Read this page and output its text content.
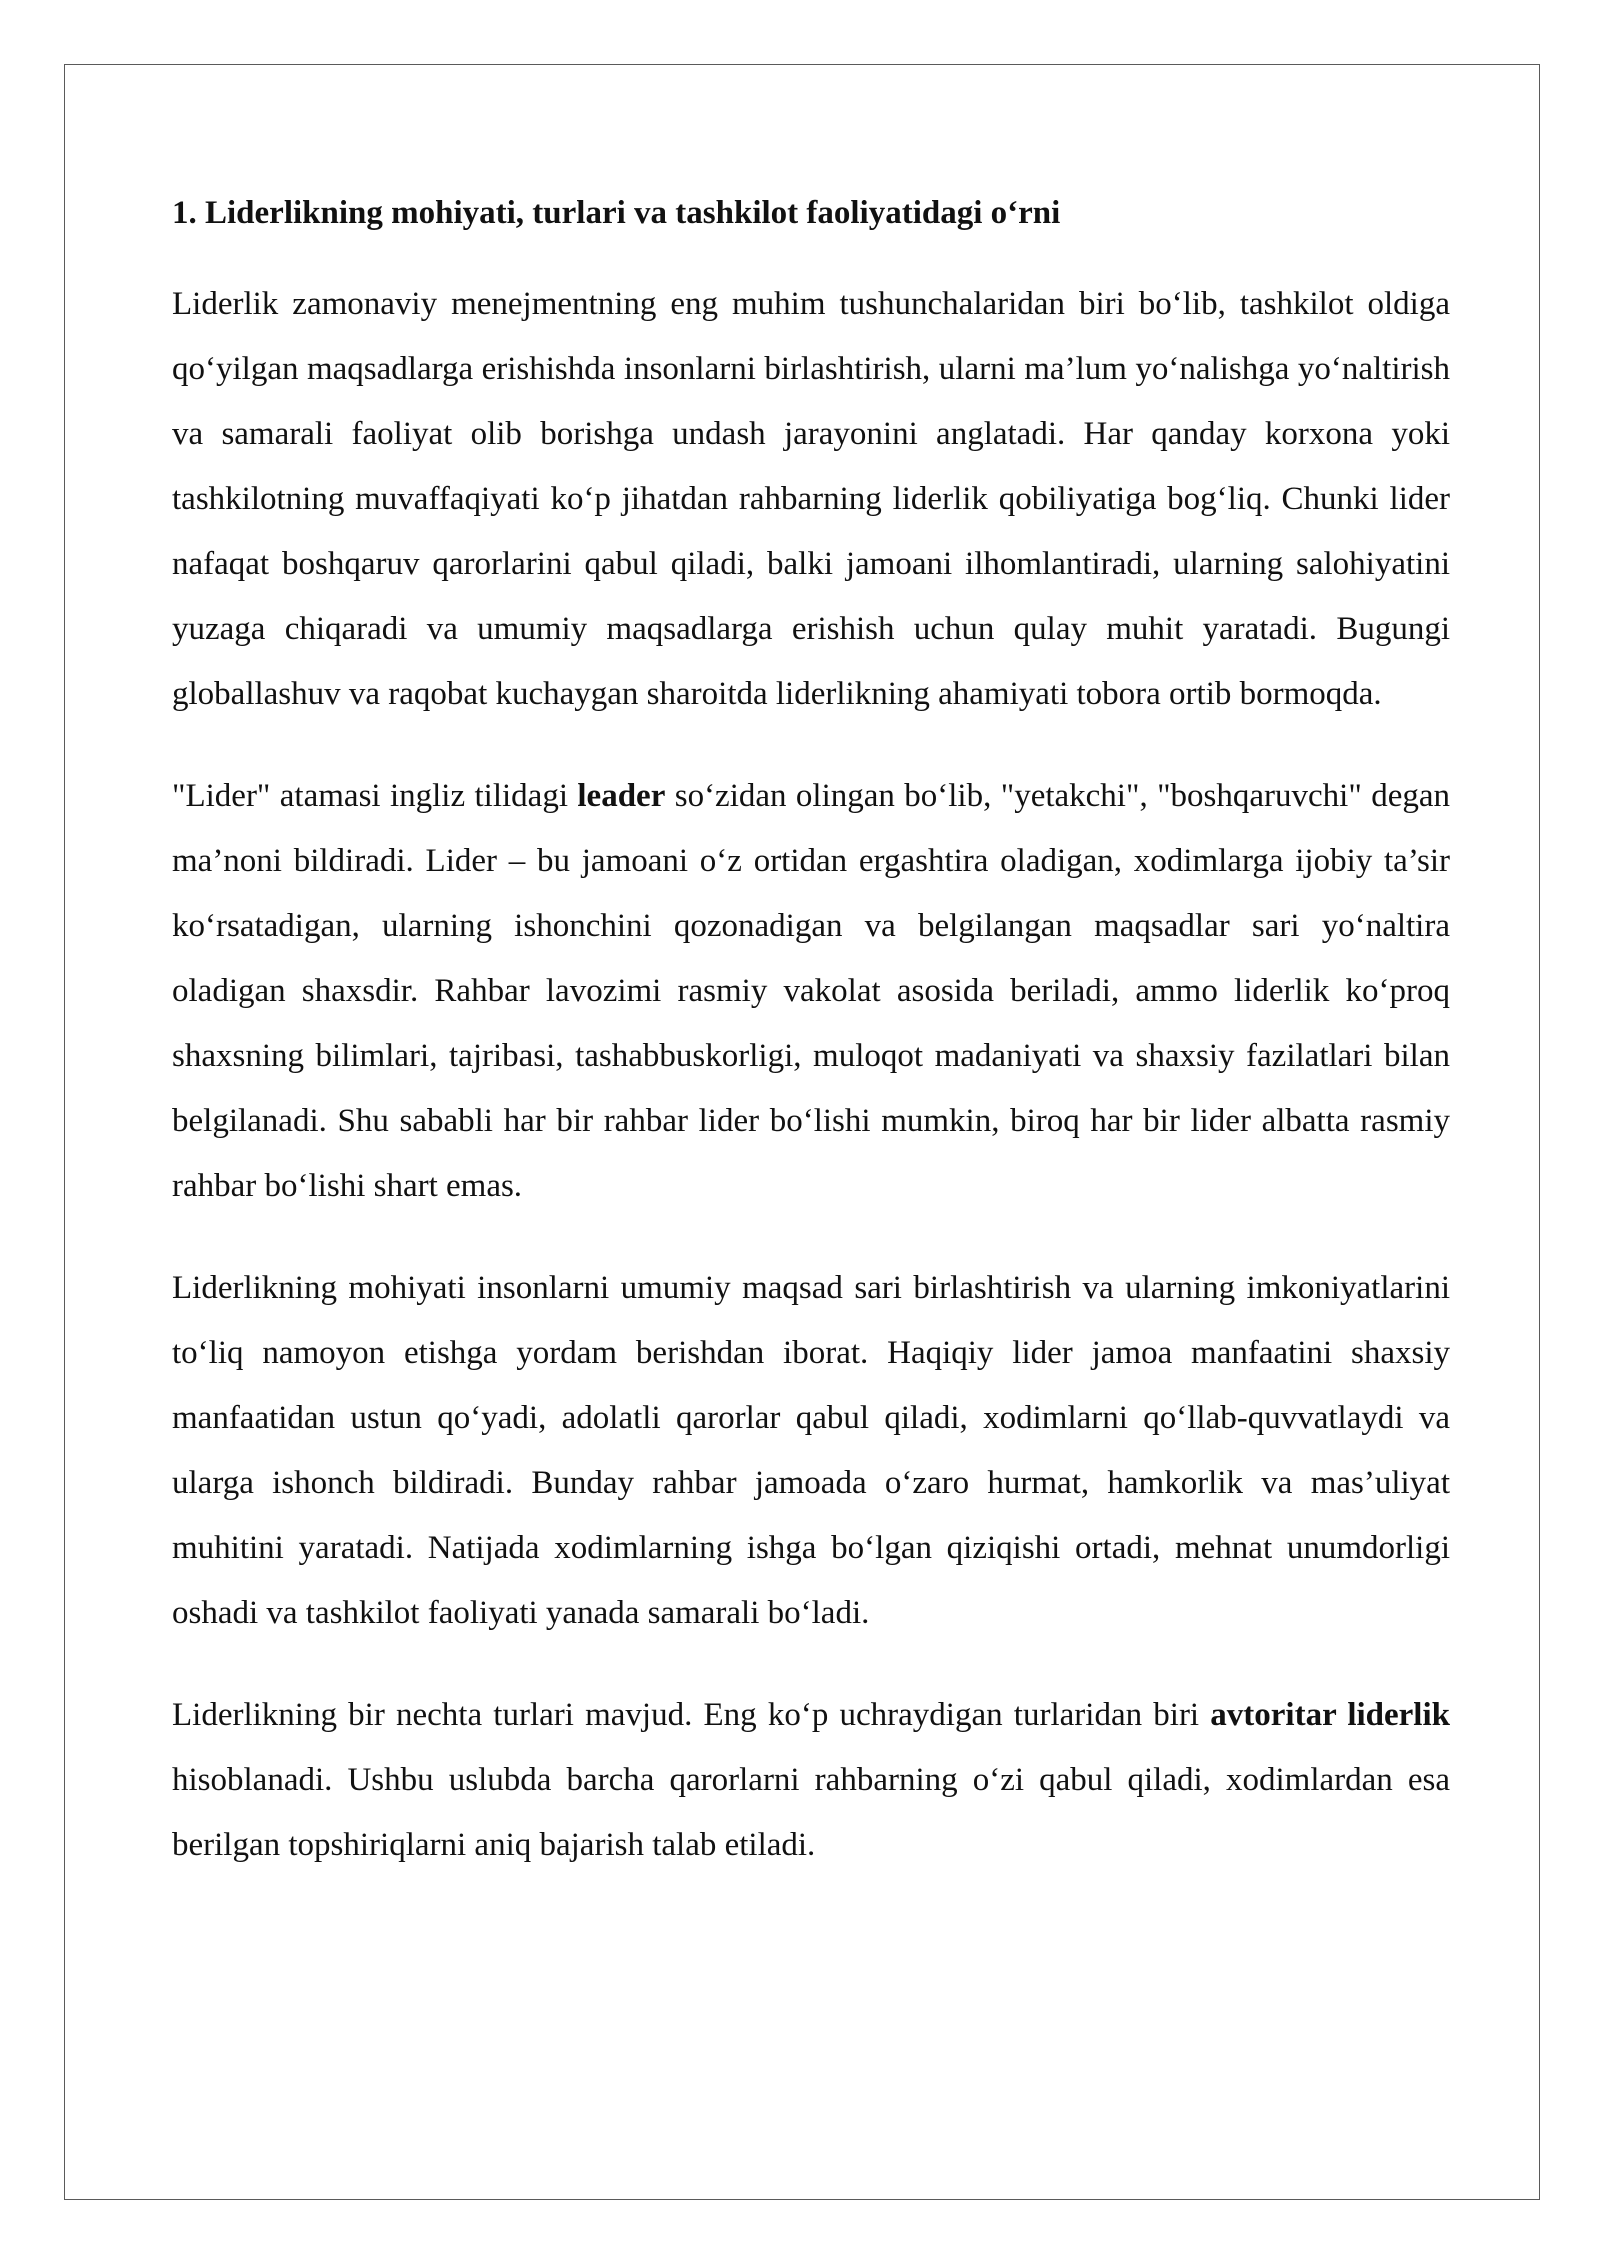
1. Liderlikning mohiyati, turlari va tashkilot faoliyatidagi o‘rni

Liderlik zamonaviy menejmentning eng muhim tushunchalaridan biri bo‘lib, tashkilot oldiga qo‘yilgan maqsadlarga erishishda insonlarni birlashtirish, ularni ma’lum yo‘nalishga yo‘naltirish va samarali faoliyat olib borishga undash jarayonini anglatadi. Har qanday korxona yoki tashkilotning muvaffaqiyati ko‘p jihatdan rahbarning liderlik qobiliyatiga bog‘liq. Chunki lider nafaqat boshqaruv qarorlarini qabul qiladi, balki jamoani ilhomlantiradi, ularning salohiyatini yuzaga chiqaradi va umumiy maqsadlarga erishish uchun qulay muhit yaratadi. Bugungi globallashuv va raqobat kuchaygan sharoitda liderlikning ahamiyati tobora ortib bormoqda.

"Lider" atamasi ingliz tilidagi leader so‘zidan olingan bo‘lib, "yetakchi", "boshqaruvchi" degan ma’noni bildiradi. Lider – bu jamoani o‘z ortidan ergashtira oladigan, xodimlarga ijobiy ta’sir ko‘rsatadigan, ularning ishonchini qozonadigan va belgilangan maqsadlar sari yo‘naltira oladigan shaxsdir. Rahbar lavozimi rasmiy vakolat asosida beriladi, ammo liderlik ko‘proq shaxsning bilimlari, tajribasi, tashabbuskorligi, muloqot madaniyati va shaxsiy fazilatlari bilan belgilanadi. Shu sababli har bir rahbar lider bo‘lishi mumkin, biroq har bir lider albatta rasmiy rahbar bo‘lishi shart emas.

Liderlikning mohiyati insonlarni umumiy maqsad sari birlashtirish va ularning imkoniyatlarini to‘liq namoyon etishga yordam berishdan iborat. Haqiqiy lider jamoa manfaatini shaxsiy manfaatidan ustun qo‘yadi, adolatli qarorlar qabul qiladi, xodimlarni qo‘llab-quvvatlaydi va ularga ishonch bildiradi. Bunday rahbar jamoada o‘zaro hurmat, hamkorlik va mas’uliyat muhitini yaratadi. Natijada xodimlarning ishga bo‘lgan qiziqishi ortadi, mehnat unumdorligi oshadi va tashkilot faoliyati yanada samarali bo‘ladi.

Liderlikning bir nechta turlari mavjud. Eng ko‘p uchraydigan turlaridan biri avtoritar liderlik hisoblanadi. Ushbu uslubda barcha qarorlarni rahbarning o‘zi qabul qiladi, xodimlardan esa berilgan topshiriqlarni aniq bajarish talab etiladi.
